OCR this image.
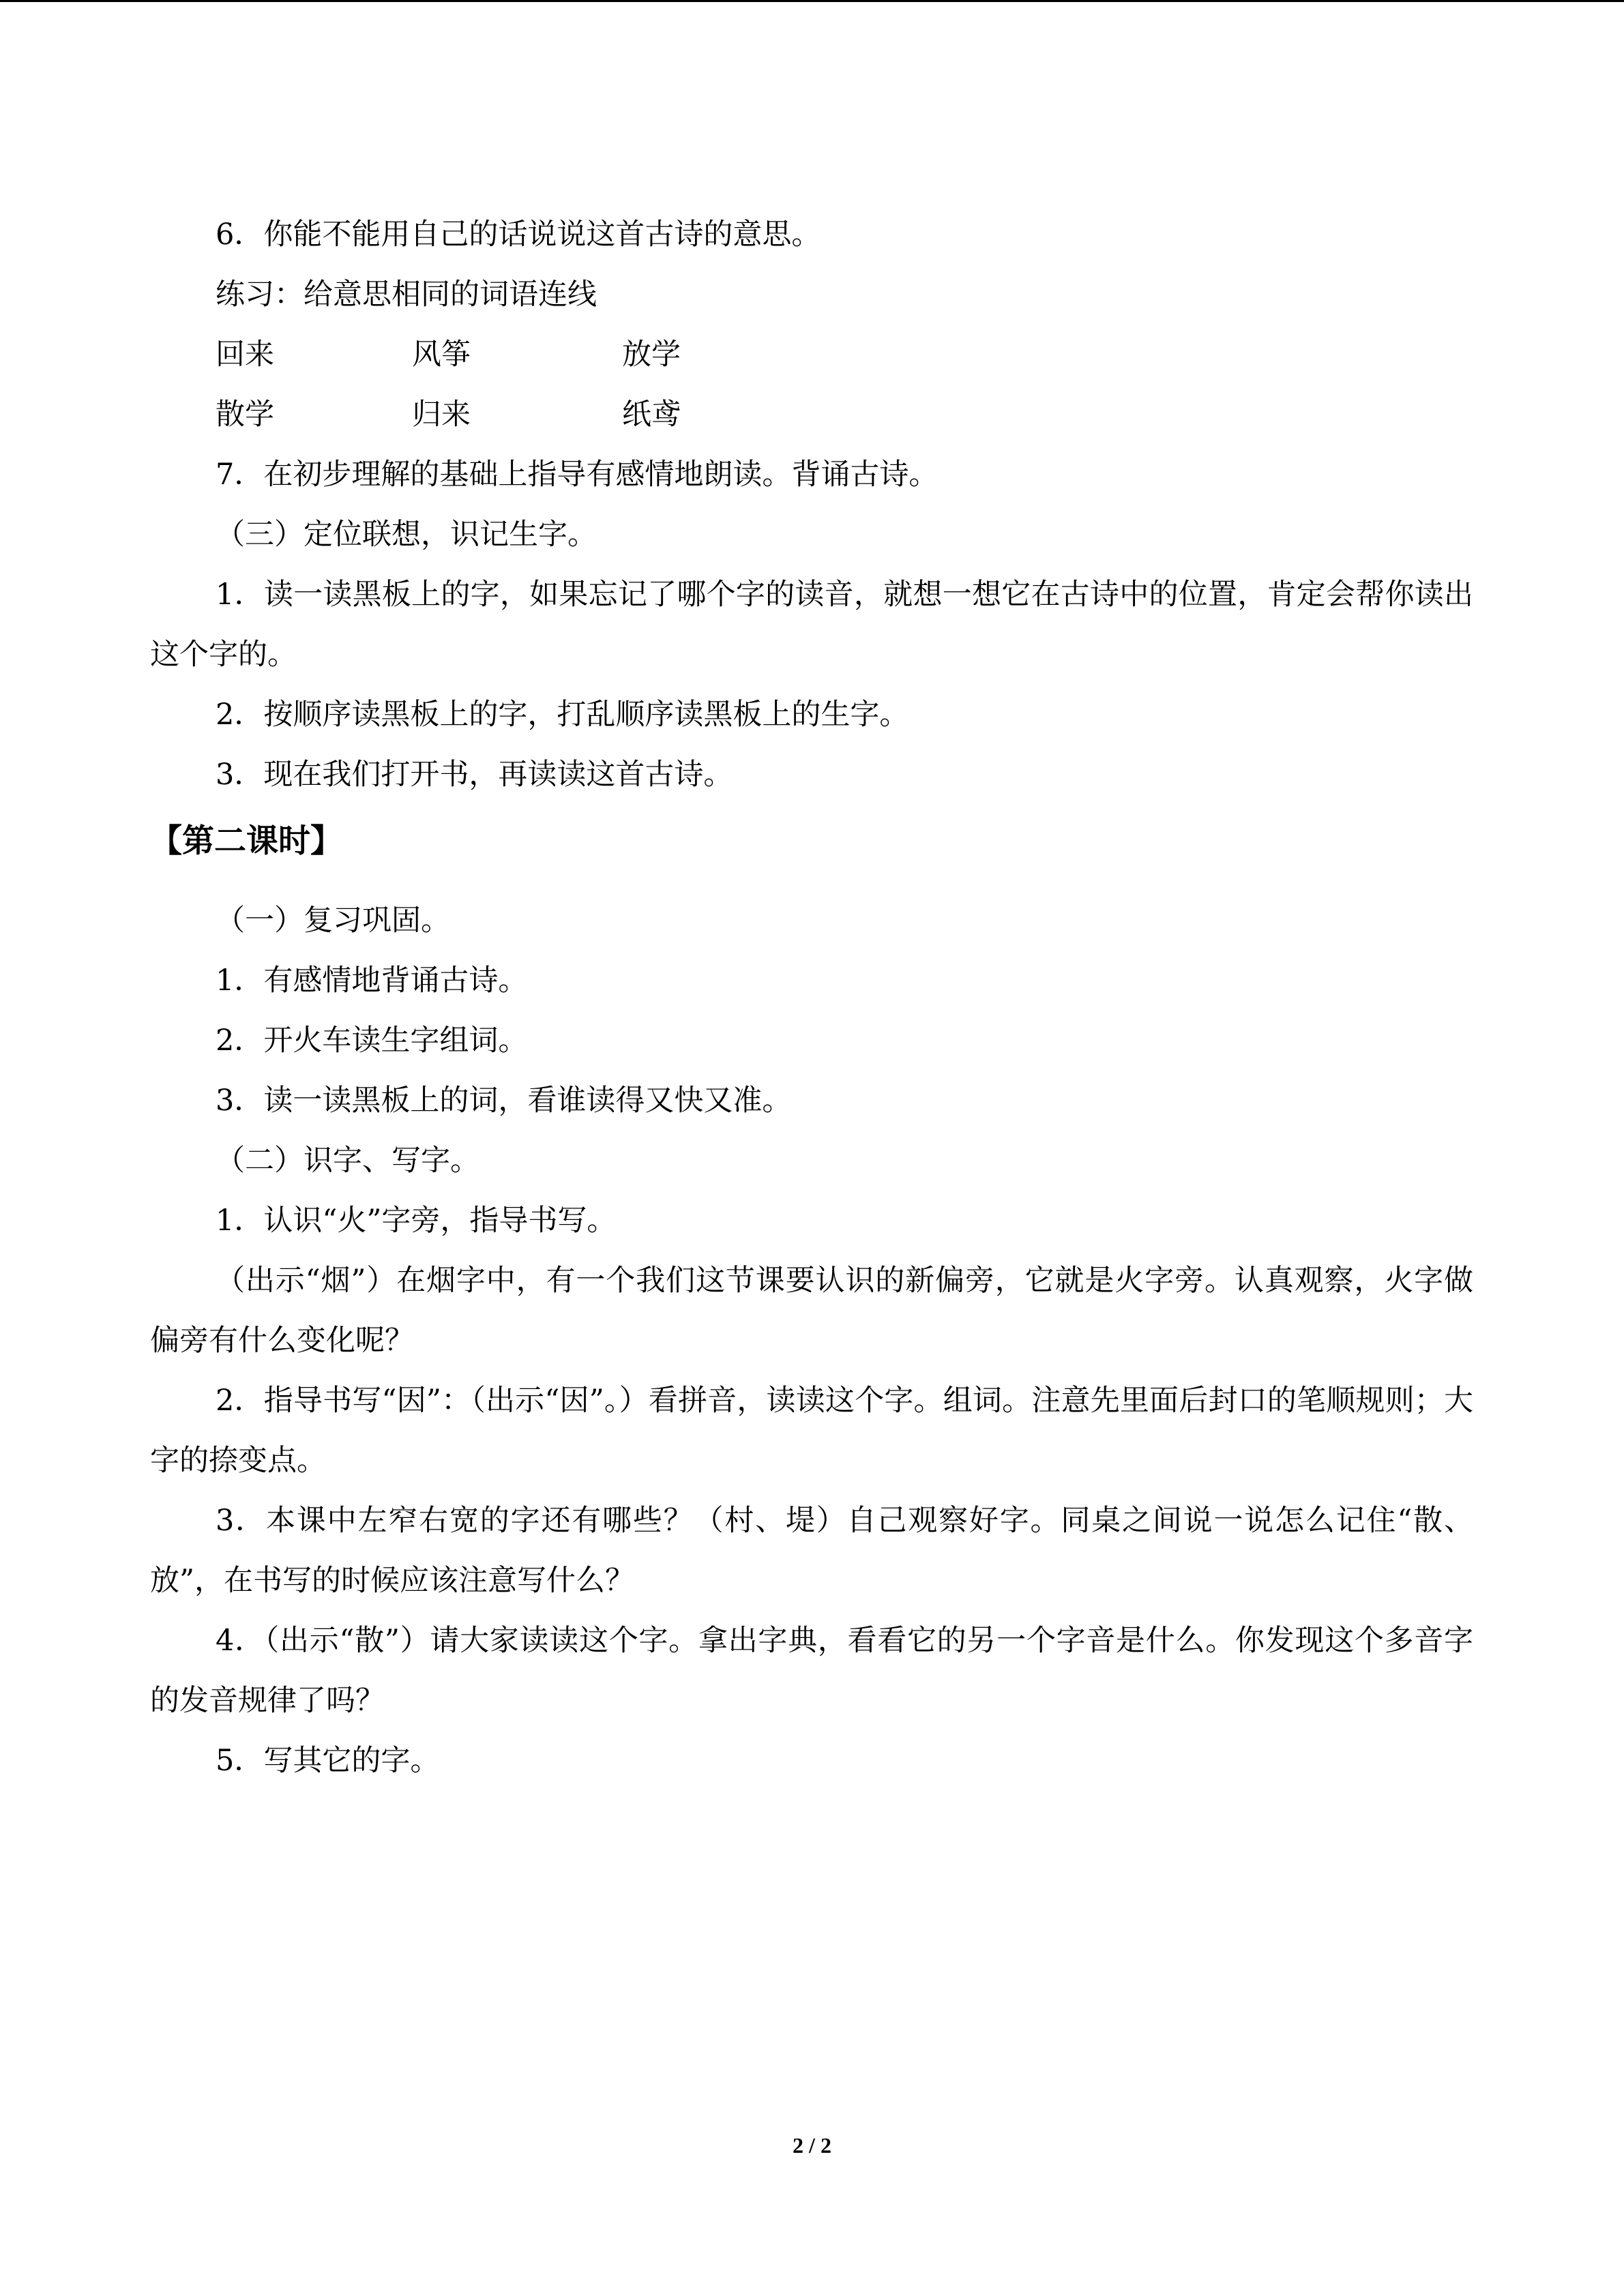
6．你能不能用自己的话说说这首古诗的意思。

练习：给意思相同的词语连线

回来	风筝	放学
散学	归来	纸鸢

7．在初步理解的基础上指导有感情地朗读。背诵古诗。

（三）定位联想，识记生字。

1．读一读黑板上的字，如果忘记了哪个字的读音，就想一想它在古诗中的位置，肯定会帮你读出这个字的。

2．按顺序读黑板上的字，打乱顺序读黑板上的生字。

3．现在我们打开书，再读读这首古诗。

【第二课时】

（一）复习巩固。

1．有感情地背诵古诗。

2．开火车读生字组词。

3．读一读黑板上的词，看谁读得又快又准。

（二）识字、写字。

1．认识“火”字旁，指导书写。

（出示“烟”）在烟字中，有一个我们这节课要认识的新偏旁，它就是火字旁。认真观察，火字做偏旁有什么变化呢？

2．指导书写“因”：（出示“因”。）看拼音，读读这个字。组词。注意先里面后封口的笔顺规则；大字的捺变点。

3．本课中左窄右宽的字还有哪些？（村、堤）自己观察好字。同桌之间说一说怎么记住“散、放”，在书写的时候应该注意写什么？

4．（出示“散”）请大家读读这个字。拿出字典，看看它的另一个字音是什么。你发现这个多音字的发音规律了吗？

5．写其它的字。

2 / 2
